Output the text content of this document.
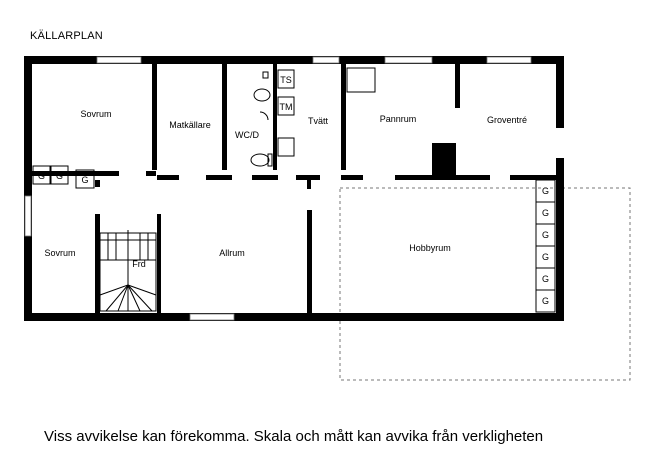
KÄLLARPLAN
G G G
G
G
G
G
G
G
TS
TM
Sovrum
Matkällare
WC/D
Tvätt	Pannrum	Groventré
Sovrum
Frd
Allrum	Hobbyrum
Viss avvikelse kan förekomma. Skala och mått kan avvika från verkligheten
